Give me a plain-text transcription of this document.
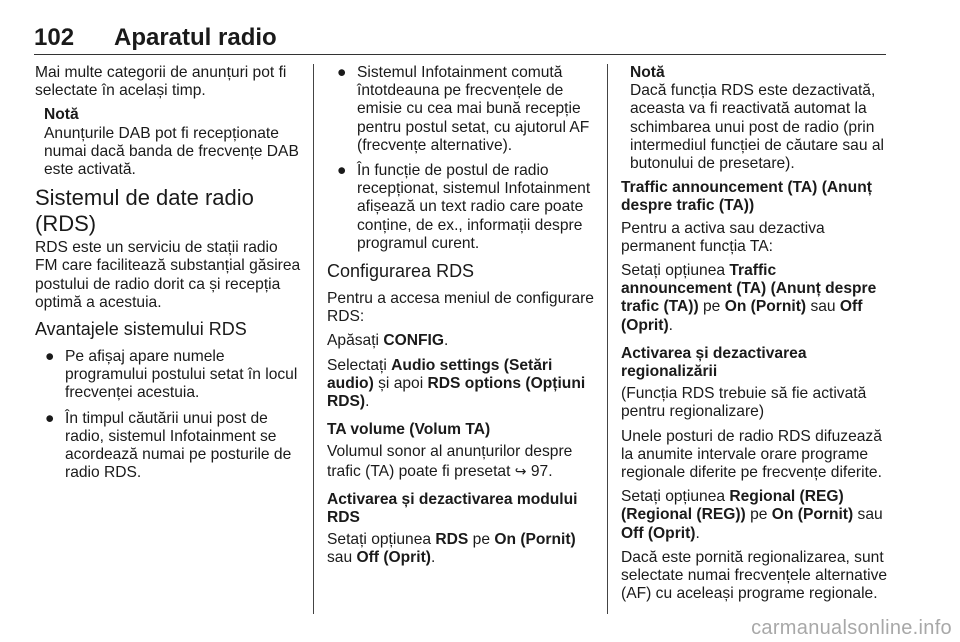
102 Aparatul radio

Mai multe categorii de anunțuri pot fi selectate în același timp.

Notă
Anunțurile DAB pot fi recepționate numai dacă banda de frecvențe DAB este activată.
Sistemul de date radio (RDS)

RDS este un serviciu de stații radio FM care facilitează substanțial găsirea postului de radio dorit ca și recepția optimă a acestuia.

Avantajele sistemului RDS
● Pe afișaj apare numele programului postului setat în locul frecvenței acestuia.
● În timpul căutării unui post de radio, sistemul Infotainment se acordează numai pe posturile de radio RDS.
● Sistemul Infotainment comută întotdeauna pe frecvențele de emisie cu cea mai bună recepție pentru postul setat, cu ajutorul AF (frecvențe alternative).
● În funcție de postul de radio recepționat, sistemul Infotainment afișează un text radio care poate conține, de ex., informații despre programul curent.
Configurarea RDS

Pentru a accesa meniul de configurare RDS:

Apăsați CONFIG.

Selectați Audio settings (Setări audio) și apoi RDS options (Opțiuni RDS).

TA volume (Volum TA)

Volumul sonor al anunțurilor despre trafic (TA) poate fi presetat ↪ 97.

Activarea și dezactivarea modului RDS

Setați opțiunea RDS pe On (Pornit) sau Off (Oprit).

Notă
Dacă funcția RDS este dezactivată, aceasta va fi reactivată automat la schimbarea unui post de radio (prin intermediul funcției de căutare sau al butonului de presetare).
Traffic announcement (TA) (Anunț despre trafic (TA))

Pentru a activa sau dezactiva permanent funcția TA:

Setați opțiunea Traffic announcement (TA) (Anunț despre trafic (TA)) pe On (Pornit) sau Off (Oprit).

Activarea și dezactivarea regionalizării

(Funcția RDS trebuie să fie activată pentru regionalizare)

Unele posturi de radio RDS difuzează la anumite intervale orare programe regionale diferite pe frecvențe diferite.

Setați opțiunea Regional (REG) (Regional (REG)) pe On (Pornit) sau Off (Oprit).

Dacă este pornită regionalizarea, sunt selectate numai frecvențele alternative (AF) cu aceleași programe regionale.

carmanualsonline.info
